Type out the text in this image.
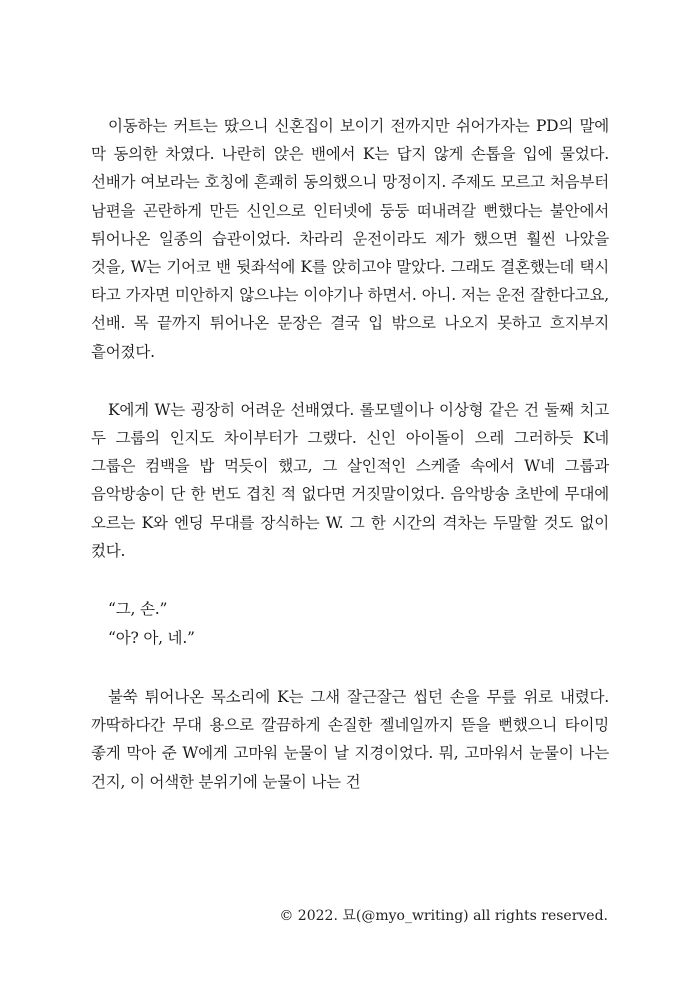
이동하는 커트는 땄으니 신혼집이 보이기 전까지만 쉬어가자는 PD의 말에 막 동의한 차였다. 나란히 앉은 밴에서 K는 답지 않게 손톱을 입에 물었다. 선배가 여보라는 호칭에 흔쾌히 동의했으니 망정이지. 주제도 모르고 처음부터 남편을 곤란하게 만든 신인으로 인터넷에 둥둥 떠내려갈 뻔했다는 불안에서 튀어나온 일종의 습관이었다. 차라리 운전이라도 제가 했으면 훨씬 나았을 것을, W는 기어코 밴 뒷좌석에 K를 앉히고야 말았다. 그래도 결혼했는데 택시 타고 가자면 미안하지 않으냐는 이야기나 하면서. 아니. 저는 운전 잘한다고요, 선배. 목 끝까지 튀어나온 문장은 결국 입 밖으로 나오지 못하고 흐지부지 흩어졌다.

K에게 W는 굉장히 어려운 선배였다. 롤모델이나 이상형 같은 건 둘째 치고 두 그룹의 인지도 차이부터가 그랬다. 신인 아이돌이 으레 그러하듯 K네 그룹은 컴백을 밥 먹듯이 했고, 그 살인적인 스케줄 속에서 W네 그룹과 음악방송이 단 한 번도 겹친 적 없다면 거짓말이었다. 음악방송 초반에 무대에 오르는 K와 엔딩 무대를 장식하는 W. 그 한 시간의 격차는 두말할 것도 없이 컸다.

“그, 손.”

“아? 아, 네.”

불쑥 튀어나온 목소리에 K는 그새 잘근잘근 씹던 손을 무릎 위로 내렸다. 까딱하다간 무대 용으로 깔끔하게 손질한 젤네일까지 뜯을 뻔했으니 타이밍 좋게 막아 준 W에게 고마워 눈물이 날 지경이었다. 뭐, 고마워서 눈물이 나는 건지, 이 어색한 분위기에 눈물이 나는 건

© 2022. 묘(@myo_writing) all rights reserved.
